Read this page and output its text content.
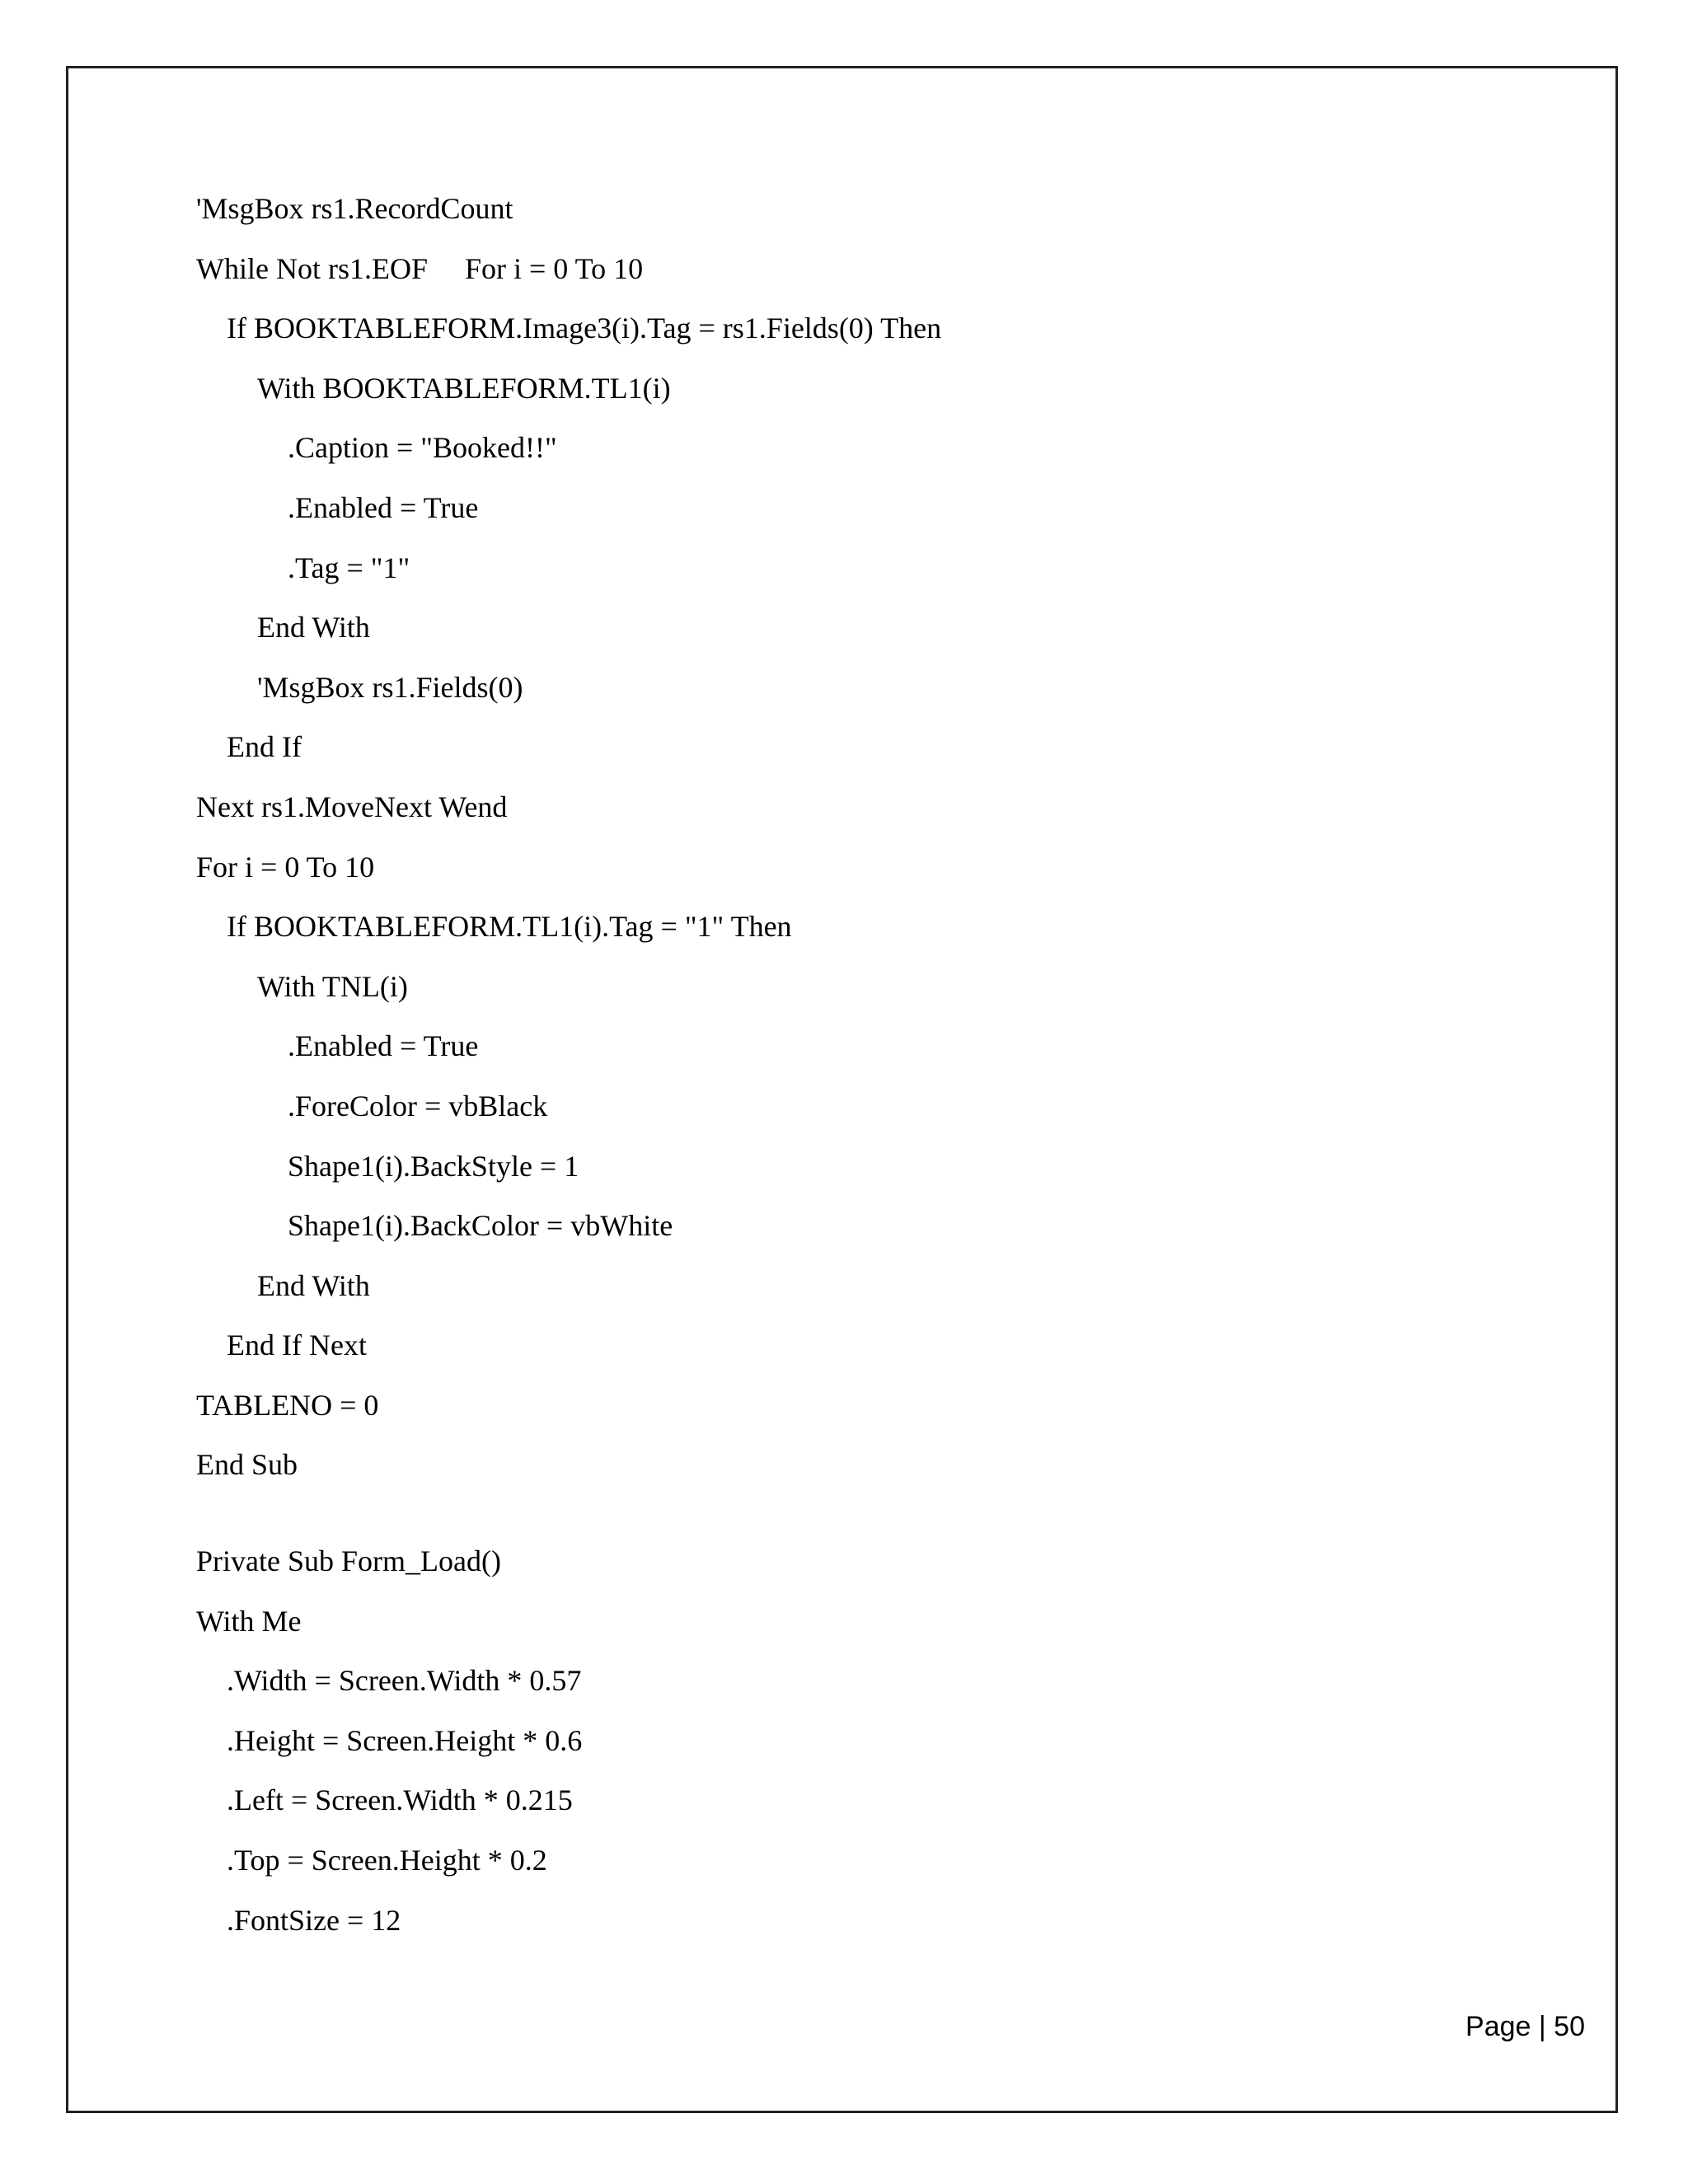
'MsgBox rs1.RecordCount
While Not rs1.EOF     For i = 0 To 10
If BOOKTABLEFORM.Image3(i).Tag = rs1.Fields(0) Then
With BOOKTABLEFORM.TL1(i)
.Caption = "Booked!!"
.Enabled = True
.Tag = "1"
End With
'MsgBox rs1.Fields(0)
End If
Next rs1.MoveNext Wend
For i = 0 To 10
If BOOKTABLEFORM.TL1(i).Tag = "1" Then
With TNL(i)
.Enabled = True
.ForeColor = vbBlack
Shape1(i).BackStyle = 1
Shape1(i).BackColor = vbWhite
End With
End If Next
TABLENO = 0
End Sub
Private Sub Form_Load()
With Me
.Width = Screen.Width * 0.57
.Height = Screen.Height * 0.6
.Left = Screen.Width * 0.215
.Top = Screen.Height * 0.2
.FontSize = 12
Page | 50
